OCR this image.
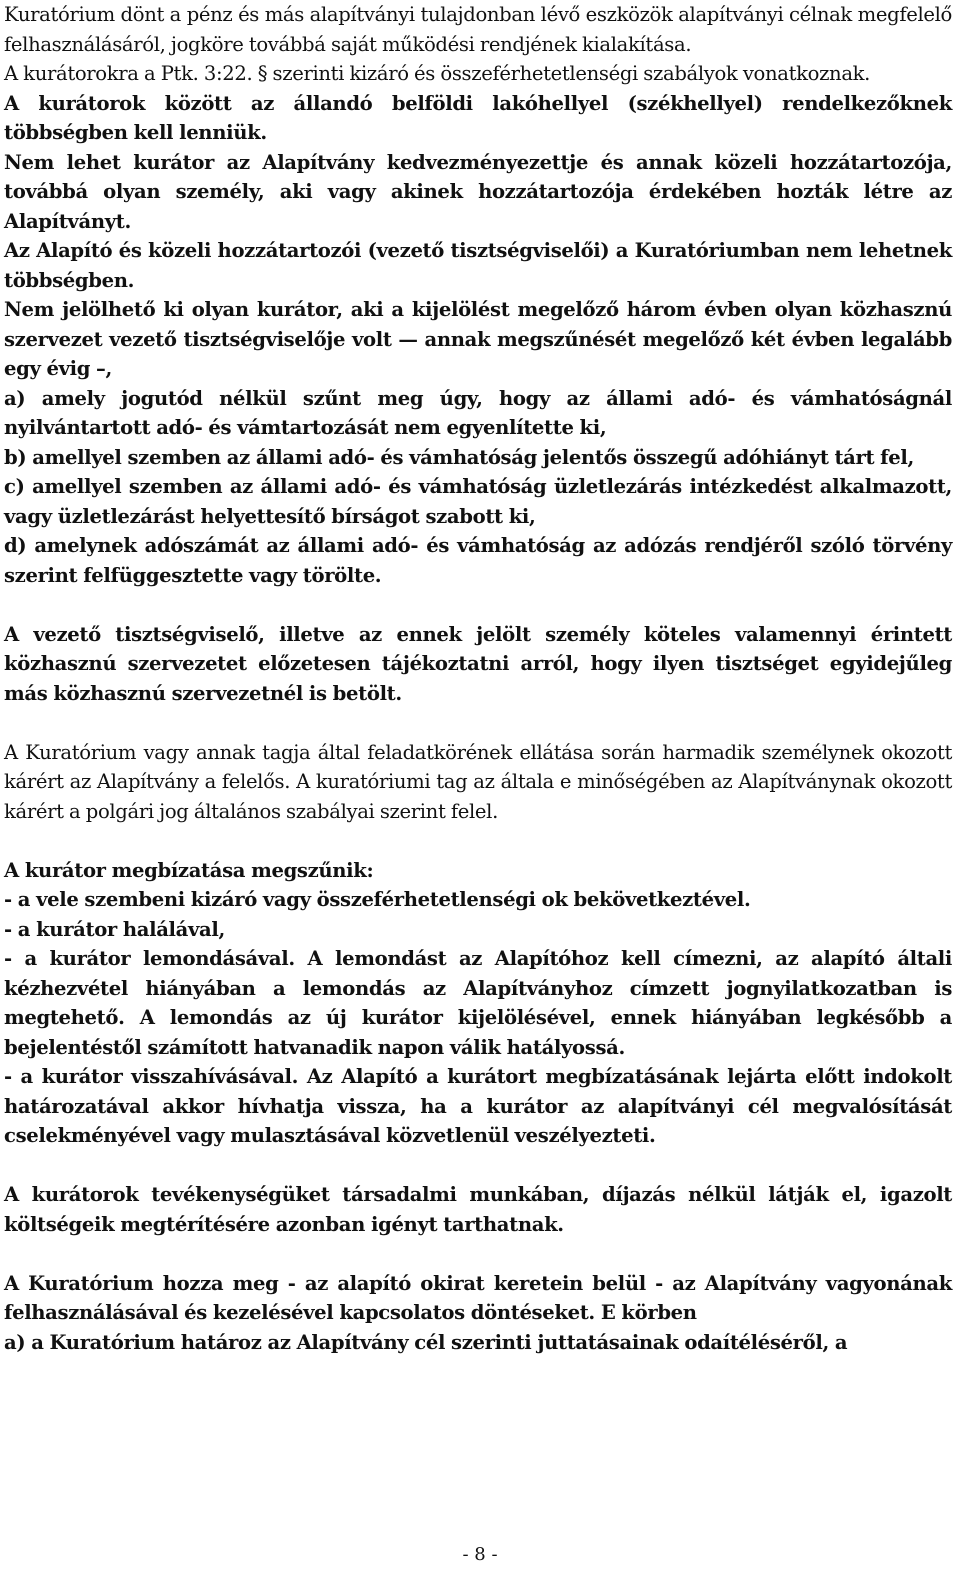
Kuratórium dönt a pénz és más alapítványi tulajdonban lévő eszközök alapítványi célnak megfelelő felhasználásáról, jogköre továbbá saját működési rendjének kialakítása.

A kurátorokra a Ptk. 3:22. § szerinti kizáró és összeférhetetlenségi szabályok vonatkoznak.

A kurátorok között az állandó belföldi lakóhellyel (székhellyel) rendelkezőknek többségben kell lenniük.

Nem lehet kurátor az Alapítvány kedvezményezettje és annak közeli hozzátartozója, továbbá olyan személy, aki vagy akinek hozzátartozója érdekében hozták létre az Alapítványt.

Az Alapító és közeli hozzátartozói (vezető tisztségviselői) a Kuratóriumban nem lehetnek többségben.

Nem jelölhető ki olyan kurátor, aki a kijelölést megelőző három évben olyan közhasznú szervezet vezető tisztségviselője volt — annak megszűnését megelőző két évben legalább egy évig –,

a) amely jogutód nélkül szűnt meg úgy, hogy az állami adó- és vámhatóságnál nyilvántartott adó- és vámtartozását nem egyenlítette ki,

b) amellyel szemben az állami adó- és vámhatóság jelentős összegű adóhiányt tárt fel,

c) amellyel szemben az állami adó- és vámhatóság üzletlezárás intézkedést alkalmazott, vagy üzletlezárást helyettesítő bírságot szabott ki,

d) amelynek adószámát az állami adó- és vámhatóság az adózás rendjéről szóló törvény szerint felfüggesztette vagy törölte.

A vezető tisztségviselő, illetve az ennek jelölt személy köteles valamennyi érintett közhasznú szervezetet előzetesen tájékoztatni arról, hogy ilyen tisztséget egyidejűleg más közhasznú szervezetnél is betölt.

A Kuratórium vagy annak tagja által feladatkörének ellátása során harmadik személynek okozott kárért az Alapítvány a felelős. A kuratóriumi tag az általa e minőségében az Alapítványnak okozott kárért a polgári jog általános szabályai szerint felel.

A kurátor megbízatása megszűnik:

- a vele szembeni kizáró vagy összeférhetetlenségi ok bekövetkeztével.

- a kurátor halálával,

- a kurátor lemondásával. A lemondást az Alapítóhoz kell címezni, az alapító általi kézhezvétel hiányában a lemondás az Alapítványhoz címzett jognyilatkozatban is megtehető. A lemondás az új kurátor kijelölésével, ennek hiányában legkésőbb a bejelentéstől számított hatvanadik napon válik hatályossá.

- a kurátor visszahívásával. Az Alapító a kurátort megbízatásának lejárta előtt indokolt határozatával akkor hívhatja vissza, ha a kurátor az alapítványi cél megvalósítását cselekményével vagy mulasztásával közvetlenül veszélyezteti.

A kurátorok tevékenységüket társadalmi munkában, díjazás nélkül látják el, igazolt költségeik megtérítésére azonban igényt tarthatnak.

A Kuratórium hozza meg - az alapító okirat keretein belül - az Alapítvány vagyonának felhasználásával és kezelésével kapcsolatos döntéseket. E körben

a) a Kuratórium határoz az Alapítvány cél szerinti juttatásainak odaítéléséről, a

- 8 -
